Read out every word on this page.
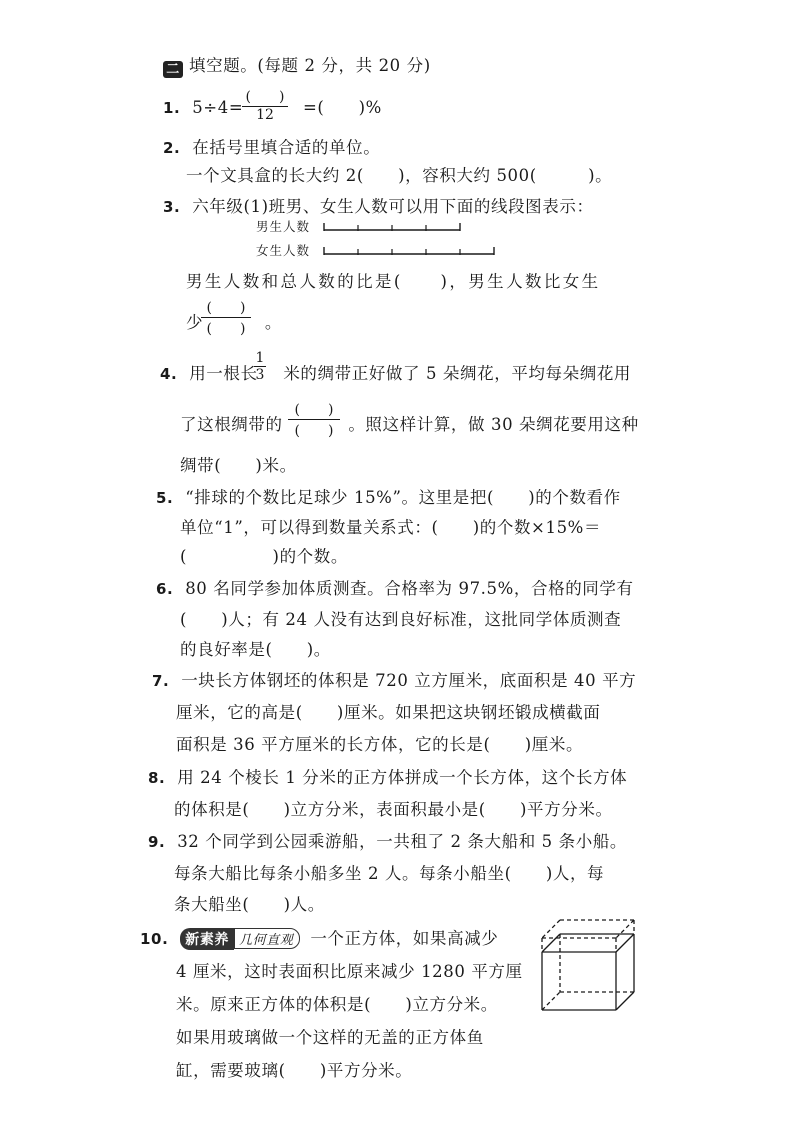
二 填空题。(每题 2 分，共 20 分)
1. 5÷4=	=(　　)%
(　　)
12
2. 在括号里填合适的单位。
一个文具盒的长大约 2(　　)，容积大约 500(　　　)。
3. 六年级(1)班男、女生人数可以用下面的线段图表示：
男生人数
女生人数
男生人数和总人数的比是(　　)，男生人数比女生
少	。
(　　)
(　　)
4. 用一根长 米的绸带正好做了 5 朵绸花，平均每朵绸花用
1
3
了这根绸带的	。照这样计算，做 30 朵绸花要用这种
(　　)
(　　)
绸带(　　)米。
5. “排球的个数比足球少 15%”。这里是把(　　)的个数看作
单位“1”，可以得到数量关系式：(　　)的个数×15%＝
(　　　　　)的个数。
6. 80 名同学参加体质测查。合格率为 97.5%，合格的同学有
(　　)人；有 24 人没有达到良好标准，这批同学体质测查
的良好率是(　　)。
7. 一块长方体钢坯的体积是 720 立方厘米，底面积是 40 平方
厘米，它的高是(　　)厘米。如果把这块钢坯锻成横截面
面积是 36 平方厘米的长方体，它的长是(　　)厘米。
8. 用 24 个棱长 1 分米的正方体拼成一个长方体，这个长方体
的体积是(　　)立方分米，表面积最小是(　　)平方分米。
9. 32 个同学到公园乘游船，一共租了 2 条大船和 5 条小船。
每条大船比每条小船多坐 2 人。每条小船坐(　　)人，每
条大船坐(　　)人。
10. 新素养 几何直观 一个正方体，如果高减少
4 厘米，这时表面积比原来减少 1280 平方厘
米。原来正方体的体积是(　　)立方分米。
如果用玻璃做一个这样的无盖的正方体鱼
缸，需要玻璃(　　)平方分米。
